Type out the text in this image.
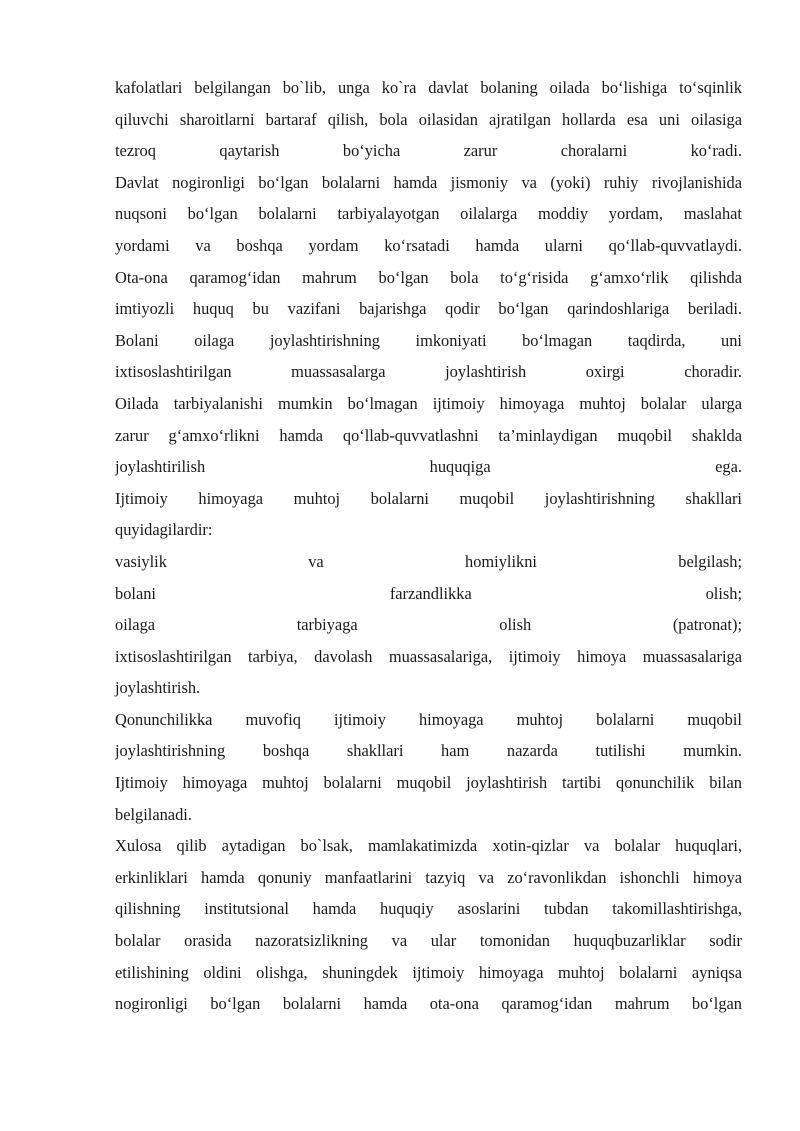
kafolatlari belgilangan bo`lib, unga ko`ra davlat bolaning oilada bo‘lishiga to‘sqinlik
qiluvchi sharoitlarni bartaraf qilish, bola oilasidan ajratilgan hollarda esa uni oilasiga
tezroq qaytarish bo‘yicha zarur choralarni ko‘radi.
Davlat nogironligi bo‘lgan bolalarni hamda jismoniy va (yoki) ruhiy rivojlanishida
nuqsoni bo‘lgan bolalarni tarbiyalayotgan oilalarga moddiy yordam, maslahat
yordami va boshqa yordam ko‘rsatadi hamda ularni qo‘llab-quvvatlaydi.
Ota-ona qaramog‘idan mahrum bo‘lgan bola to‘g‘risida g‘amxo‘rlik qilishda
imtiyozli huquq bu vazifani bajarishga qodir bo‘lgan qarindoshlariga beriladi.
Bolani oilaga joylashtirishning imkoniyati bo‘lmagan taqdirda, uni
ixtisoslashtirilgan muassasalarga joylashtirish oxirgi choradir.
Oilada tarbiyalanishi mumkin bo‘lmagan ijtimoiy himoyaga muhtoj bolalar ularga
zarur g‘amxo‘rlikni hamda qo‘llab-quvvatlashni ta’minlaydigan muqobil shaklda
joylashtirilish huquqiga ega.
Ijtimoiy himoyaga muhtoj bolalarni muqobil joylashtirishning shakllari
quyidagilardir:
vasiylik va homiylikni belgilash;
bolani farzandlikka olish;
oilaga tarbiyaga olish (patronat);
ixtisoslashtirilgan tarbiya, davolash muassasalariga, ijtimoiy himoya muassasalariga
joylashtirish.
Qonunchilikka muvofiq ijtimoiy himoyaga muhtoj bolalarni muqobil
joylashtirishning boshqa shakllari ham nazarda tutilishi mumkin.
Ijtimoiy himoyaga muhtoj bolalarni muqobil joylashtirish tartibi qonunchilik bilan
belgilanadi.
Xulosa qilib aytadigan bo`lsak, mamlakatimizda xotin-qizlar va bolalar huquqlari,
erkinliklari hamda qonuniy manfaatlarini tazyiq va zo‘ravonlikdan ishonchli himoya
qilishning institutsional hamda huquqiy asoslarini tubdan takomillashtirishga,
bolalar orasida nazoratsizlikning va ular tomonidan huquqbuzarliklar sodir
etilishining oldini olishga, shuningdek ijtimoiy himoyaga muhtoj bolalarni ayniqsa
nogironligi bo‘lgan bolalarni hamda ota-ona qaramog‘idan mahrum bo‘lgan
